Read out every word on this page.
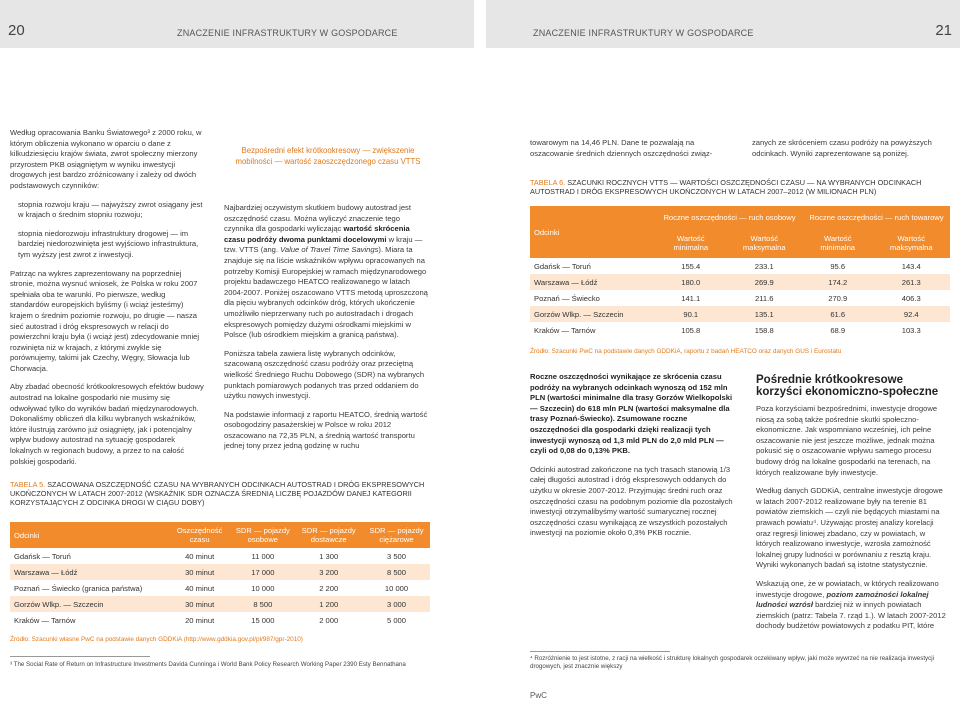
20	ZNACZENIE INFRASTRUKTURY W GOSPODARCE	ZNACZENIE INFRASTRUKTURY W GOSPODARCE	21

Według opracowania Banku Światowego³ z 2000 roku, w którym obliczenia wykonano w oparciu o dane z kilkudziesięciu krajów świata, zwrot społeczny mierzony przyrostem PKB osiągniętym w wyniku inwestycji drogowych jest bardzo zróżnicowany i zależy od dwóch podstawowych czynników:

stopnia rozwoju kraju — najwyższy zwrot osiągany jest w krajach o średnim stopniu rozwoju;

stopnia niedorozwoju infrastruktury drogowej — im bardziej niedorozwinięta jest wyjściowo infrastruktura, tym wyższy jest zwrot z inwestycji.

Patrząc na wykres zaprezentowany na poprzedniej stronie, można wysnuć wniosek, że Polska w roku 2007 spełniała oba te warunki. Po pierwsze, według standardów europejskich byliśmy (i wciąż jesteśmy) krajem o średnim poziomie rozwoju, po drugie — nasza sieć autostrad i dróg ekspresowych w relacji do powierzchni kraju była (i wciąż jest) zdecydowanie mniej rozwinięta niż w krajach, z którymi zwykle się porównujemy, takimi jak Czechy, Węgry, Słowacja lub Chorwacja.

Aby zbadać obecność krótkookresowych efektów budowy autostrad na lokalne gospodarki nie musimy się odwoływać tylko do wyników badań międzynarodowych. Dokonaliśmy obliczeń dla kilku wybranych wskaźników, które ilustrują zarówno już osiągnięty, jak i potencjalny wpływ budowy autostrad na sytuację gospodarek lokalnych w regionach budowy, a przez to na całość polskiej gospodarki.

Bezpośredni efekt krótkookresowy — zwiększenie mobilności — wartość zaoszczędzonego czasu VTTS

Najbardziej oczywistym skutkiem budowy autostrad jest oszczędność czasu. Można wyliczyć znaczenie tego czynnika dla gospodarki wyliczając wartość skrócenia czasu podróży dwoma punktami docelowymi w kraju — tzw. VTTS (ang. Value of Travel Time Savings). Miara ta znajduje się na liście wskaźników wpływu opracowanych na potrzeby Komisji Europejskiej w ramach międzynarodowego projektu badawczego HEATCO realizowanego w latach 2004-2007. Poniżej oszacowano VTTS metodą uproszczoną dla pięciu wybranych odcinków dróg, których ukończenie umożliwiło nieprzerwany ruch po autostradach i drogach ekspresowych pomiędzy dużymi ośrodkami miejskimi w Polsce (lub ośrodkiem miejskim a granicą państwa).

Poniższa tabela zawiera listę wybranych odcinków, szacowaną oszczędność czasu podróży oraz przeciętną wielkość Średniego Ruchu Dobowego (SDR) na wybranych punktach pomiarowych podanych tras przed oddaniem do użytku nowych inwestycji.

Na podstawie informacji z raportu HEATCO, średnią wartość osobogodziny pasażerskiej w Polsce w roku 2012 oszacowano na 72,35 PLN, a średnią wartość transportu jednej tony przez jedną godzinę w ruchu

TABELA 5. SZACOWANA OSZCZĘDNOŚĆ CZASU NA WYBRANYCH ODCINKACH AUTOSTRAD I DRÓG EKSPRESOWYCH UKOŃCZONYCH W LATACH 2007-2012 (WSKAŹNIK SDR OZNACZA ŚREDNIĄ LICZBĘ POJAZDÓW DANEJ KATEGORII KORZYSTAJĄCYCH Z ODCINKA DROGI W CIĄGU DOBY)
Odcinki	Oszczędność czasu	SDR — pojazdy osobowe	SDR — pojazdy dostawcze	SDR — pojazdy ciężarowe
Gdańsk — Toruń	40 minut	11 000	1 300	3 500
Warszawa — Łódź	30 minut	17 000	3 200	8 500
Poznań — Świecko (granica państwa)	40 minut	10 000	2 200	10 000
Gorzów Wlkp. — Szczecin	30 minut	8 500	1 200	3 000
Kraków — Tarnów	20 minut	15 000	2 000	5 000
Źródło: Szacunki własne PwC na podstawie danych GDDKiA (http://www.gddkia.gov.pl/pl/987/gpr-2010)
³ The Social Rate of Return on Infrastructure Investments Davida Cunninga i World Bank Policy Research Working Paper 2390 Esty Bennathana
towarowym na 14,46 PLN. Dane te pozwalają na oszacowanie średnich dziennych oszczędności związ-
zanych ze skróceniem czasu podróży na powyższych odcinkach. Wyniki zaprezentowane są poniżej.
TABELA 6. SZACUNKI ROCZNYCH VTTS — WARTOŚCI OSZCZĘDNOŚCI CZASU — NA WYBRANYCH ODCINKACH AUTOSTRAD I DRÓG EKSPRESOWYCH UKOŃCZONYCH W LATACH 2007–2012 (W MILIONACH PLN)
Odcinki	Roczne oszczędności — ruch osobowy		Roczne oszczędności — ruch towarowy	
	Wartość minimalna	Wartość maksymalna	Wartość minimalna	Wartość maksymalna
Gdańsk — Toruń	155.4	233.1	95.6	143.4
Warszawa — Łódź	180.0	269.9	174.2	261.3
Poznań — Świecko	141.1	211.6	270.9	406.3
Gorzów Wlkp. — Szczecin	90.1	135.1	61.6	92.4
Kraków — Tarnów	105.8	158.8	68.9	103.3
Źródło: Szacunki PwC na podstawie danych GDDKiA, raportu z badań HEATCO oraz danych GUS i Eurostatu

Roczne oszczędności wynikające ze skrócenia czasu podróży na wybranych odcinkach wynoszą od 152 mln PLN (wartości minimalne dla trasy Gorzów Wielkopolski — Szczecin) do 618 mln PLN (wartości maksymalne dla trasy Poznań-Świecko). Zsumowane roczne oszczędności dla gospodarki dzięki realizacji tych inwestycji wynoszą od 1,3 mld PLN do 2,0 mld PLN — czyli od 0,08 do 0,13% PKB.

Odcinki autostrad zakończone na tych trasach stanowią 1/3 całej długości autostrad i dróg ekspresowych oddanych do użytku w okresie 2007-2012. Przyjmując średni ruch oraz oszczędności czasu na podobnym poziomie dla pozostałych inwestycji otrzymalibyśmy wartość sumarycznej rocznej oszczędności czasu wynikającą ze wszystkich pozostałych inwestycji na poziomie około 0,3% PKB rocznie.

Pośrednie krótkookresowe korzyści ekonomiczno-społeczne

Poza korzyściami bezpośrednimi, inwestycje drogowe niosą za sobą także pośrednie skutki społeczno-ekonomiczne. Jak wspomniano wcześniej, ich pełne oszacowanie nie jest jeszcze możliwe, jednak można pokusić się o oszacowanie wpływu samego procesu budowy dróg na lokalne gospodarki na terenach, na których realizowane były inwestycje.

Według danych GDDKiA, centralne inwestycje drogowe w latach 2007-2012 realizowane były na terenie 81 powiatów ziemskich — czyli nie będących miastami na prawach powiatu⁴. Używając prostej analizy korelacji oraz regresji liniowej zbadano, czy w powiatach, w których realizowano inwestycje, wzrosła zamożność lokalnej grupy ludności w porównaniu z resztą kraju. Wyniki wykonanych badań są istotne statystycznie.

Wskazują one, że w powiatach, w których realizowano inwestycje drogowe, poziom zamożności lokalnej ludności wzrósł bardziej niż w innych powiatach ziemskich (patrz: Tabela 7. rząd 1.). W latach 2007-2012 dochody budżetów powiatowych z podatku PIT, które

⁴ Rozróżnienie to jest istotne, z racji na wielkość i strukturę lokalnych gospodarek oczekiwany wpływ, jaki może wywrzeć na nie realizacja inwestycji drogowych, jest znacznie większy
PwC
